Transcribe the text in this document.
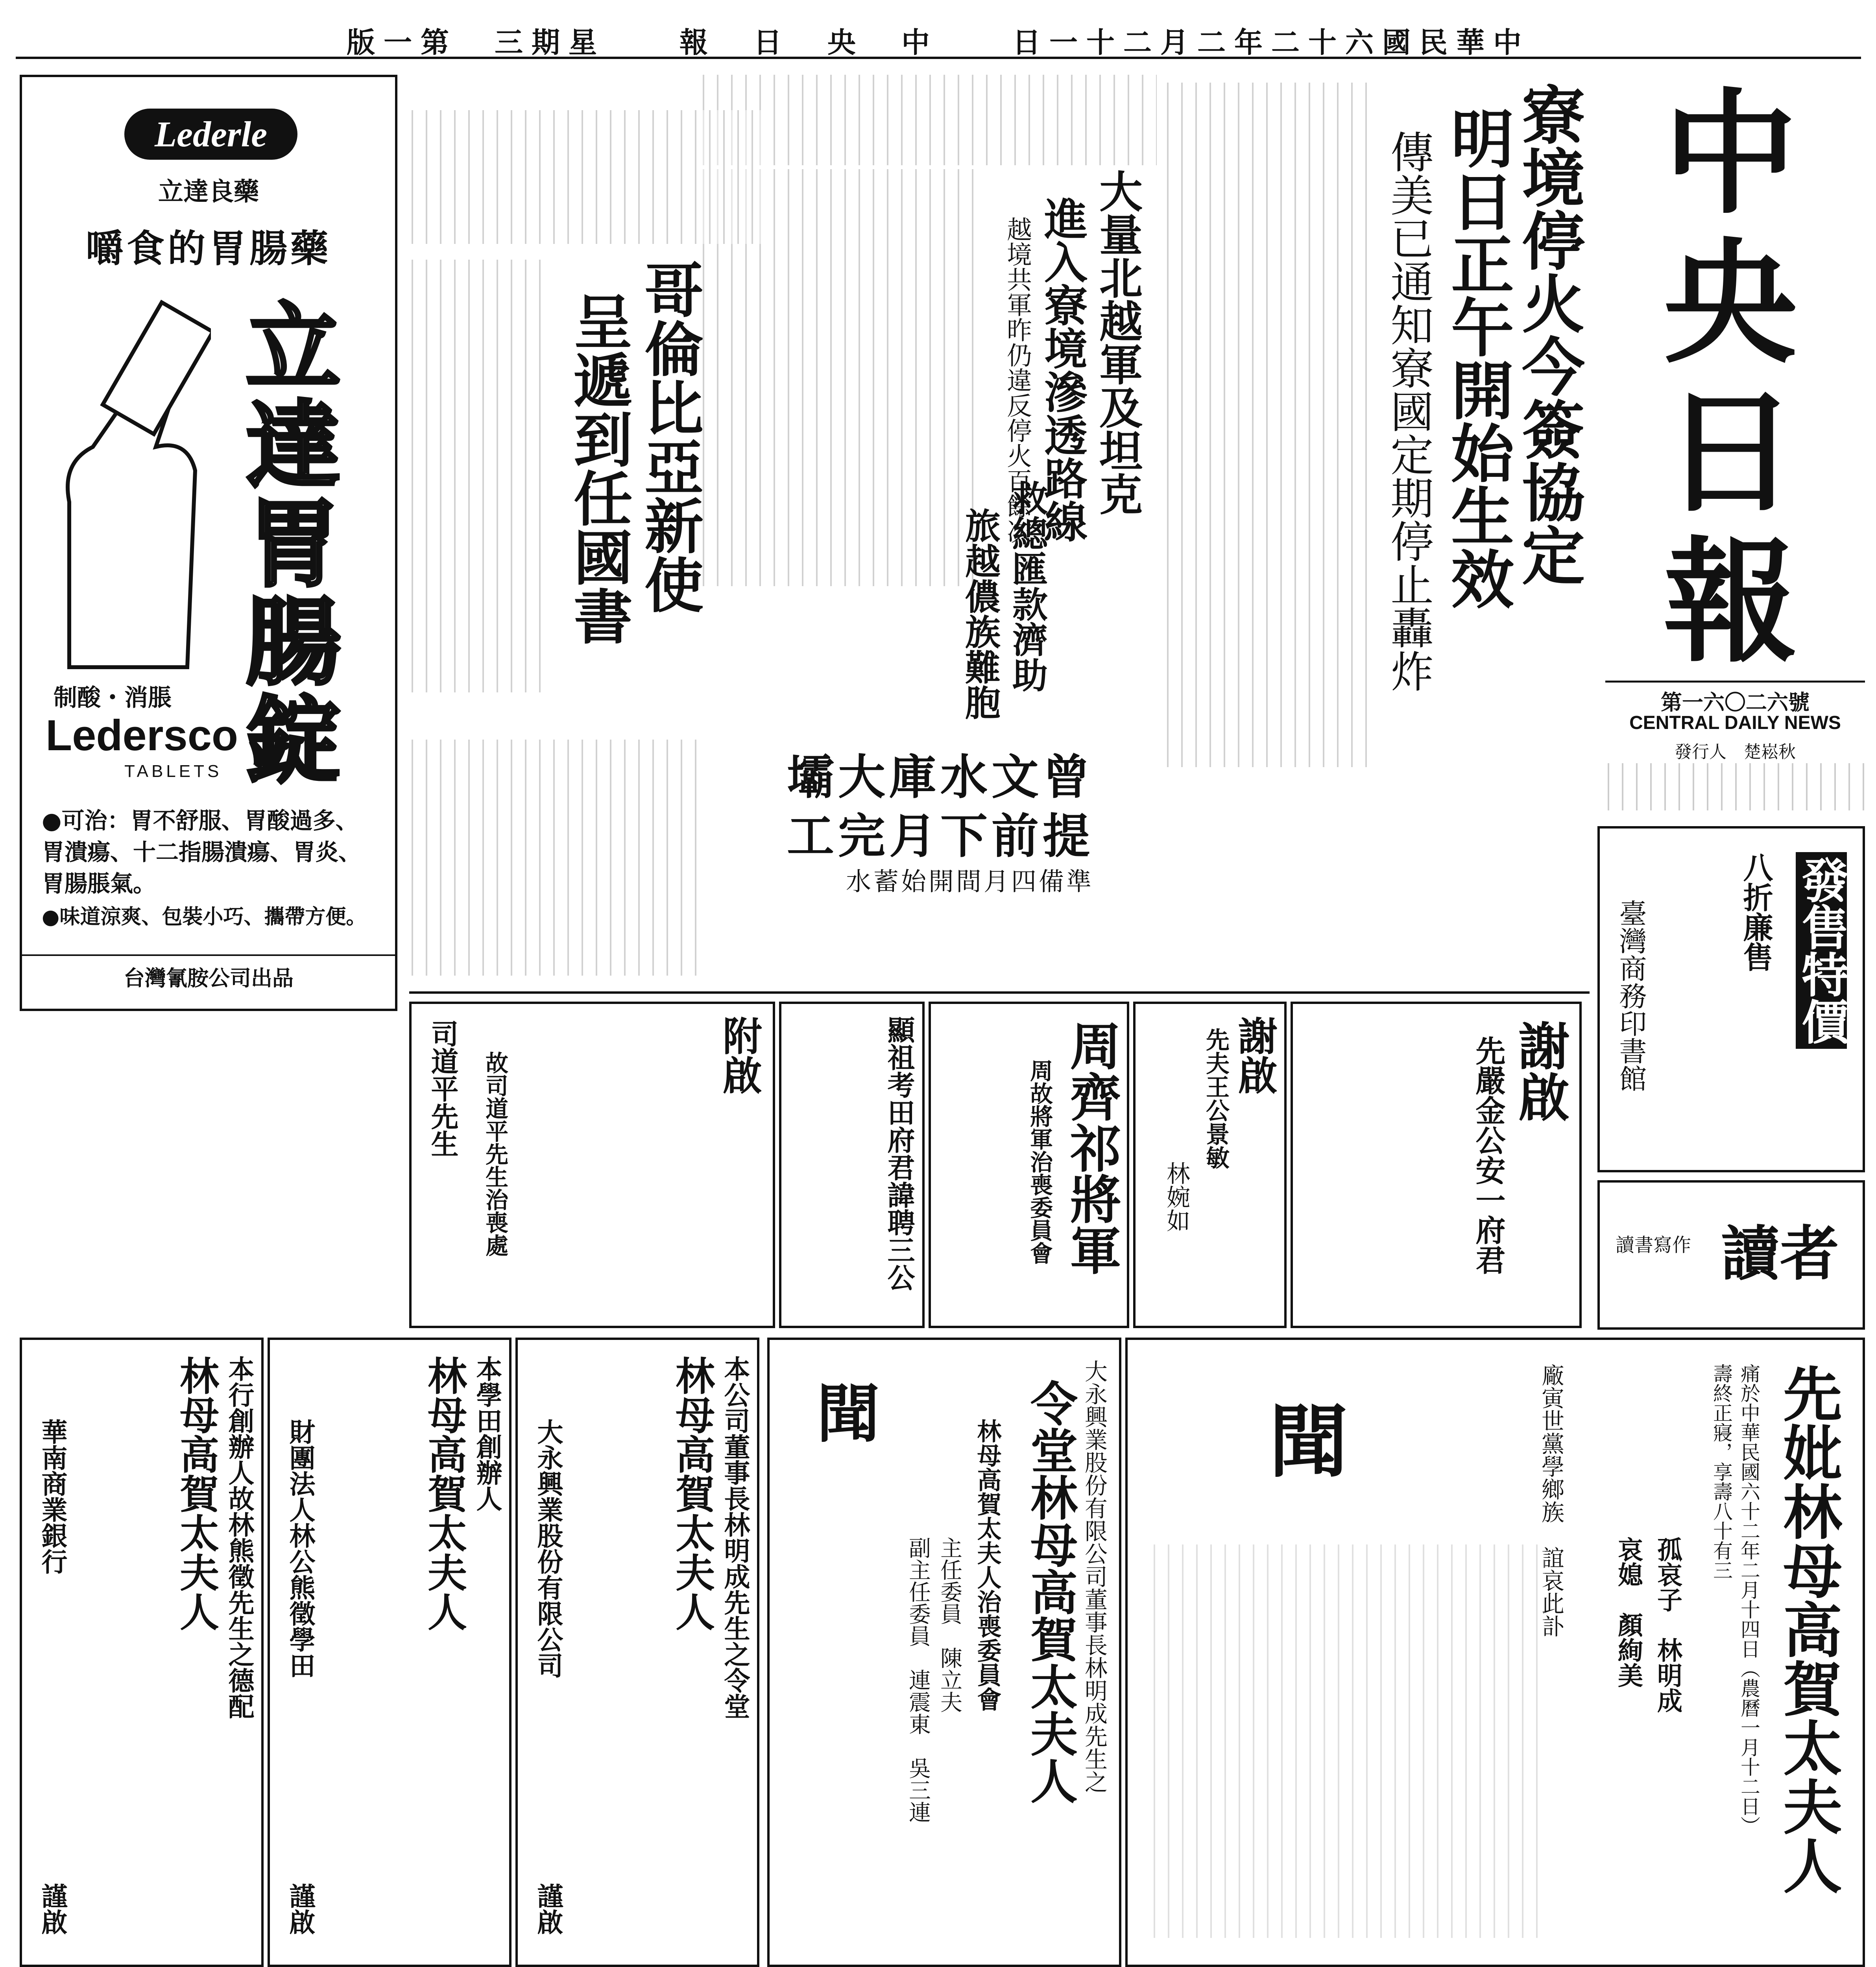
中華民國六十二年二月二十一日　　中　央　日　報　　星期三　第一版
中央日報
第一六〇二六號
CENTRAL DAILY NEWS
發行人　楚崧秋
寮境停火今簽協定
明日正午開始生效
傳美已通知寮國定期停止轟炸
大量北越軍及坦克
進入寮境滲透路線
越境共軍昨仍違反停火百餘次
救總匯款濟助
旅越儂族難胞
哥倫比亞新使
呈遞到任國書
曾文水庫大壩
提前下月完工
準備四月間開始蓄水
Lederle
立達良藥
嚼食的胃腸藥
立達胃腸錠
制酸・消脹
Ledersco
TABLETS
●可治：胃不舒服、胃酸過多、胃潰瘍、十二指腸潰瘍、胃炎、胃腸脹氣。
●味道涼爽、包裝小巧、攜帶方便。
台灣氰胺公司出品
謝啟
先嚴金公安一府君
謝啟
先夫王公景敏
林婉如
周齊祁將軍
周故將軍治喪委員會
顯祖考田府君諱聘三公
附啟
司道平先生 故司道平先生治喪處
發售特價
八折廉售
臺灣商務印書館
讀者
讀書寫作
先妣林母高賀太夫人
痛於中華民國六十二年二月十四日（農曆一月十二日）
壽終正寢，享壽八十有三
孤哀子　林明成
哀媳　顏絢美
廠寅世黨學鄉族　誼哀此訃
聞
大永興業股份有限公司董事長林明成先生之
令堂林母高賀太夫人
林母高賀太夫人治喪委員會
主任委員　陳立夫
副主任委員　連震東　吳三連
聞
本公司董事長林明成先生之令堂
林母高賀太夫人
大永興業股份有限公司
謹啟
本學田創辦人
林母高賀太夫人
財團法人林公熊徵學田
謹啟
本行創辦人故林熊徵先生之德配
林母高賀太夫人
華南商業銀行
謹啟
